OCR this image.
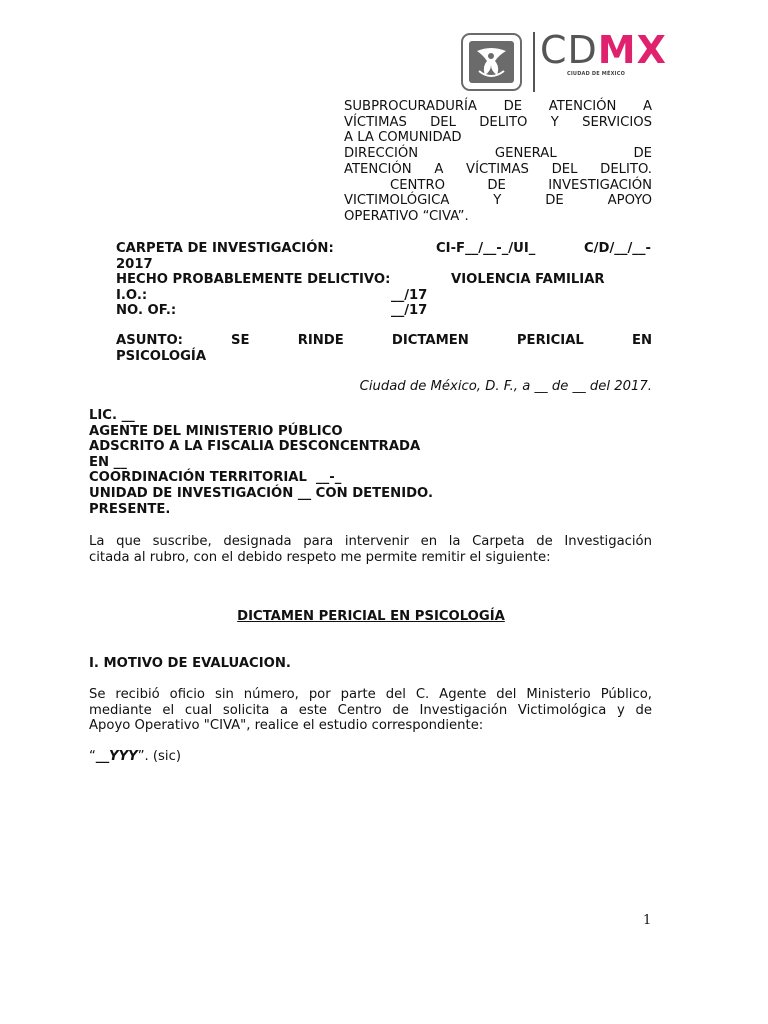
CDMX
CIUDAD DE MÉXICO
SUBPROCURADURÍA DE ATENCIÓN A
VÍCTIMAS DEL DELITO Y SERVICIOS
A LA COMUNIDAD
DIRECCIÓN GENERAL DE
ATENCIÓN A VÍCTIMAS DEL DELITO.
CENTRO DE INVESTIGACIÓN
VICTIMOLÓGICA Y DE APOYO
OPERATIVO “CIVA”.
CARPETA DE INVESTIGACIÓN:	CI-F__/__-_/UI_	C/D/__/__-
2017
HECHO PROBABLEMENTE DELICTIVO:	VIOLENCIA FAMILIAR
I.O.:	__/17
NO. OF.:	__/17
ASUNTO: SE RINDE DICTAMEN PERICIAL EN
PSICOLOGÍA
Ciudad de México, D. F., a __ de __ del 2017.
LIC. __
AGENTE DEL MINISTERIO PÚBLICO
ADSCRITO A LA FISCALIA DESCONCENTRADA
EN __
COORDINACIÓN TERRITORIAL  __-_
UNIDAD DE INVESTIGACIÓN __ CON DETENIDO.
PRESENTE.
La que suscribe, designada para intervenir en la Carpeta de Investigación
citada al rubro, con el debido respeto me permite remitir el siguiente:
DICTAMEN PERICIAL EN PSICOLOGÍA
I. MOTIVO DE EVALUACION.
Se recibió oficio sin número, por parte del C. Agente del Ministerio Público,
mediante el cual solicita a este Centro de Investigación Victimológica y de
Apoyo Operativo "CIVA", realice el estudio correspondiente:
“__YYY”. (sic)
1
